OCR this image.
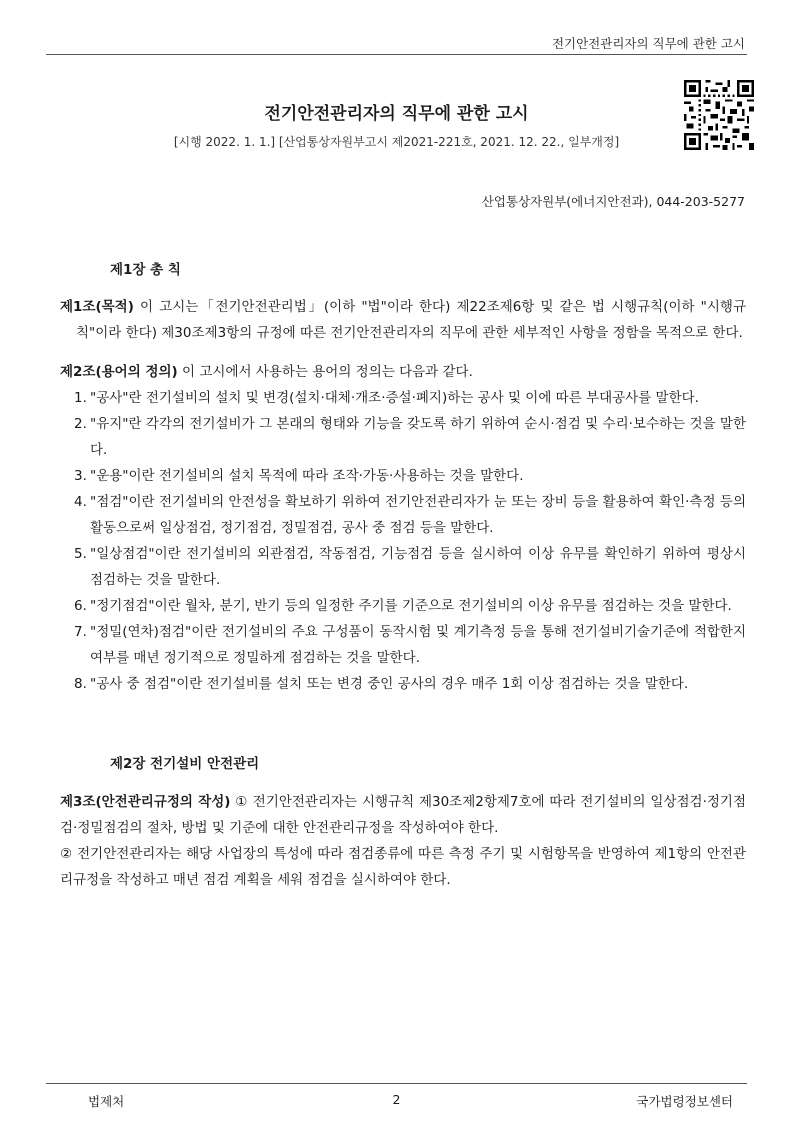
전기안전관리자의 직무에 관한 고시
전기안전관리자의 직무에 관한 고시
[시행 2022. 1. 1.] [산업통상자원부고시 제2021-221호, 2021. 12. 22., 일부개정]
산업통상자원부(에너지안전과), 044-203-5277
제1장 총 칙
제1조(목적) 이 고시는「전기안전관리법」(이하 "법"이라 한다) 제22조제6항 및 같은 법 시행규칙(이하 "시행규칙"이라 한다) 제30조제3항의 규정에 따른 전기안전관리자의 직무에 관한 세부적인 사항을 정함을 목적으로 한다.
제2조(용어의 정의) 이 고시에서 사용하는 용어의 정의는 다음과 같다.
1. "공사"란 전기설비의 설치 및 변경(설치·대체·개조·증설·폐지)하는 공사 및 이에 따른 부대공사를 말한다.
2. "유지"란 각각의 전기설비가 그 본래의 형태와 기능을 갖도록 하기 위하여 순시·점검 및 수리·보수하는 것을 말한다.
3. "운용"이란 전기설비의 설치 목적에 따라 조작·가동·사용하는 것을 말한다.
4. "점검"이란 전기설비의 안전성을 확보하기 위하여 전기안전관리자가 눈 또는 장비 등을 활용하여 확인·측정 등의 활동으로써 일상점검, 정기점검, 정밀점검, 공사 중 점검 등을 말한다.
5. "일상점검"이란 전기설비의 외관점검, 작동점검, 기능점검 등을 실시하여 이상 유무를 확인하기 위하여 평상시 점검하는 것을 말한다.
6. "정기점검"이란 월차, 분기, 반기 등의 일정한 주기를 기준으로 전기설비의 이상 유무를 점검하는 것을 말한다.
7. "정밀(연차)점검"이란 전기설비의 주요 구성품이 동작시험 및 계기측정 등을 통해 전기설비기술기준에 적합한지 여부를 매년 정기적으로 정밀하게 점검하는 것을 말한다.
8. "공사 중 점검"이란 전기설비를 설치 또는 변경 중인 공사의 경우 매주 1회 이상 점검하는 것을 말한다.
제2장 전기설비 안전관리
제3조(안전관리규정의 작성) ① 전기안전관리자는 시행규칙 제30조제2항제7호에 따라 전기설비의 일상점검·정기점검·정밀점검의 절차, 방법 및 기준에 대한 안전관리규정을 작성하여야 한다.
② 전기안전관리자는 해당 사업장의 특성에 따라 점검종류에 따른 측정 주기 및 시험항목을 반영하여 제1항의 안전관리규정을 작성하고 매년 점검 계획을 세워 점검을 실시하여야 한다.
법제처	2	국가법령정보센터
